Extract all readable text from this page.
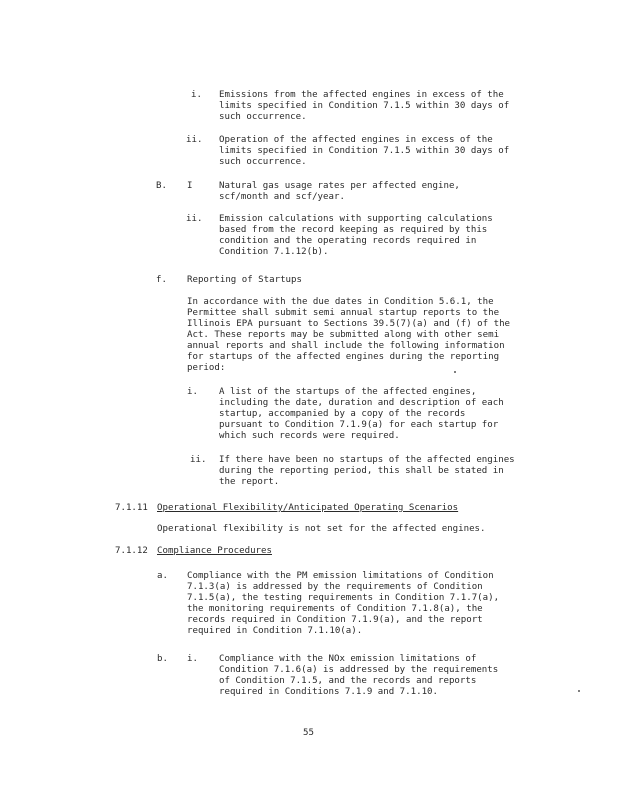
i. Emissions from the affected engines in excess of the
limits specified in Condition 7.1.5 within 30 days of
such occurrence.
ii. Operation of the affected engines in excess of the
limits specified in Condition 7.1.5 within 30 days of
such occurrence.
B. I	Natural gas usage rates per affected engine,
scf/month and scf/year.
ii. Emission calculations with supporting calculations
based from the record keeping as required by this
condition and the operating records required in
Condition 7.1.12(b).
f. Reporting of Startups
In accordance with the due dates in Condition 5.6.1, the
Permittee shall submit semi annual startup reports to the
Illinois EPA pursuant to Sections 39.5(7)(a) and (f) of the
Act. These reports may be submitted along with other semi
annual reports and shall include the following information
for startups of the affected engines during the reporting
period:
i. A list of the startups of the affected engines,
including the date, duration and description of each
startup, accompanied by a copy of the records
pursuant to Condition 7.1.9(a) for each startup for
which such records were required.
ii. If there have been no startups of the affected engines
during the reporting period, this shall be stated in
the report.
7.1.11 Operational Flexibility/Anticipated Operating Scenarios
Operational flexibility is not set for the affected engines.
7.1.12 Compliance Procedures
a. Compliance with the PM emission limitations of Condition
7.1.3(a) is addressed by the requirements of Condition
7.1.5(a), the testing requirements in Condition 7.1.7(a),
the monitoring requirements of Condition 7.1.8(a), the
records required in Condition 7.1.9(a), and the report
required in Condition 7.1.10(a).
b. i. Compliance with the NOx emission limitations of
Condition 7.1.6(a) is addressed by the requirements
of Condition 7.1.5, and the records and reports
required in Conditions 7.1.9 and 7.1.10.
55
